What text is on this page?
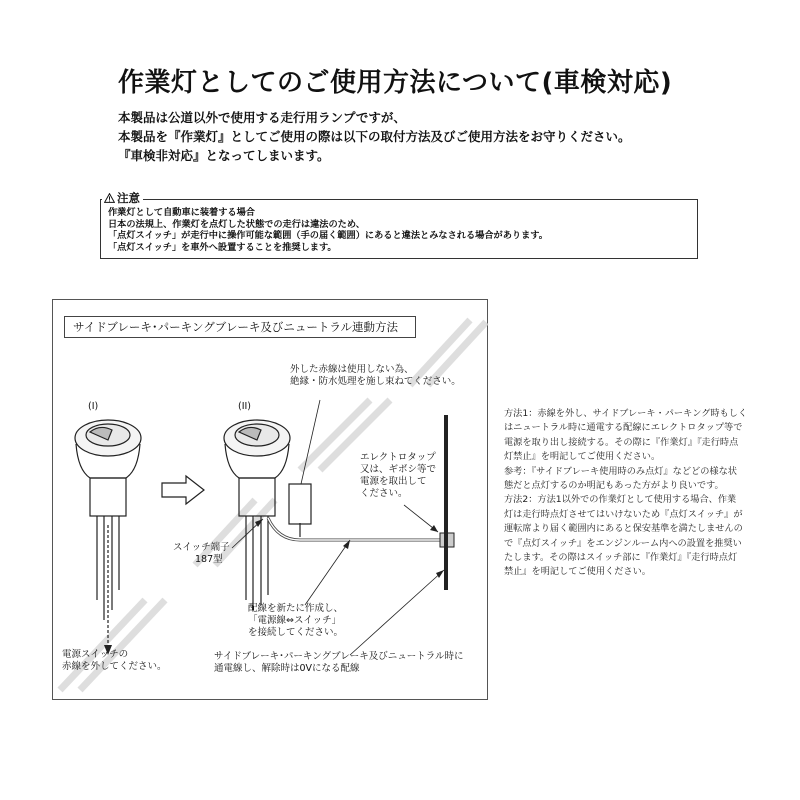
作業灯としてのご使用方法について(車検対応)
本製品は公道以外で使用する走行用ランプですが、
本製品を『作業灯』としてご使用の際は以下の取付方法及びご使用方法をお守りください。
『車検非対応』となってしまいます。
注意
作業灯として自動車に装着する場合
日本の法規上、作業灯を点灯した状態での走行は違法のため、
「点灯スイッチ」が走行中に操作可能な範囲（手の届く範囲）にあると違法とみなされる場合があります。
「点灯スイッチ」を車外へ設置することを推奨します。
サイドブレーキ･パーキングブレーキ及びニュートラル連動方法
(I)	(II)
外した赤線は使用しない為、
絶縁・防水処理を施し束ねてください。
エレクトロタップ
又は、ギボシ等で
電源を取出して
ください。
スイッチ端子
187型
配線を新たに作成し、
「電源線⇔スイッチ」
を接続してください。
電源スイッチの
赤線を外してください。
サイドブレーキ･パーキングブレーキ及びニュートラル時に
通電線し、解除時は0Vになる配線
方法1：赤線を外し、サイドブレーキ・パーキング時もしく
はニュートラル時に通電する配線にエレクトロタップ等で
電源を取り出し接続する。その際に『作業灯』『走行時点
灯禁止』を明記してご使用ください。
参考：『サイドブレーキ使用時のみ点灯』などどの様な状
態だと点灯するのか明記もあった方がより良いです。
方法2：方法1以外での作業灯として使用する場合、作業
灯は走行時点灯させてはいけないため『点灯スイッチ』が
運転席より届く範囲内にあると保安基準を満たしませんの
で『点灯スイッチ』をエンジンルーム内への設置を推奨い
たします。その際はスイッチ部に『作業灯』『走行時点灯
禁止』を明記してご使用ください。
